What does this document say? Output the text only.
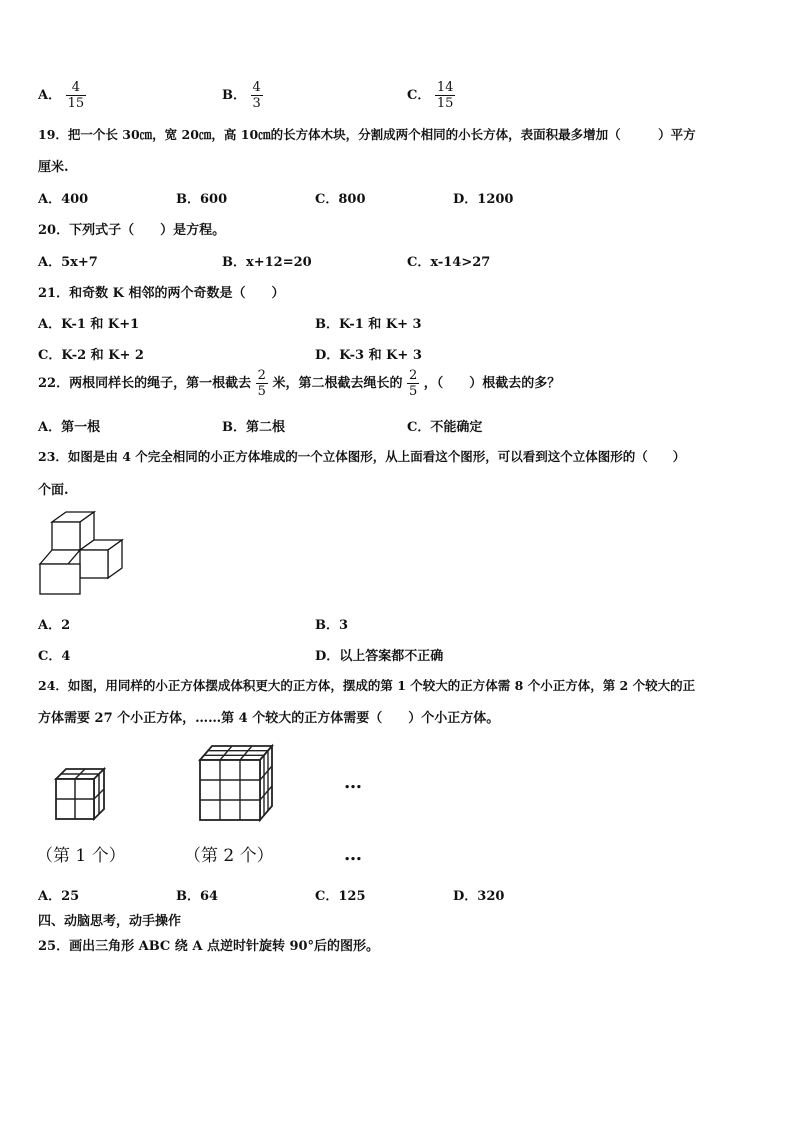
A． $\frac{4}{15}$	B． $\frac{4}{3}$	C． $\frac{14}{15}$
19．把一个长 30㎝，宽 20㎝，高 10㎝的长方体木块，分割成两个相同的小长方体，表面积最多增加（　　　）平方
厘米.
A．400	B．600	C．800	D．1200
20．下列式子（　　）是方程。
A．5x+7	B．x+12=20	C．x-14>27
21．和奇数 K 相邻的两个奇数是（　　）
A．K-1 和 K+1	B．K-1 和 K+ 3
C．K-2 和 K+ 2	D．K-3 和 K+ 3
22．两根同样长的绳子，第一根截去 $\frac{2}{5}$ 米，第二根截去绳长的 $\frac{2}{5}$ ，（　　）根截去的多？
A．第一根	B．第二根	C．不能确定
23．如图是由 4 个完全相同的小正方体堆成的一个立体图形，从上面看这个图形，可以看到这个立体图形的（　　）
个面.
A．2	B．3
C．4	D．以上答案都不正确
24．如图，用同样的小正方体摆成体积更大的正方体，摆成的第 1 个较大的正方体需 8 个小正方体，第 2 个较大的正
方体需要 27 个小正方体，……第 4 个较大的正方体需要（　　）个小正方体。
…
（第 1 个）	（第 2 个）	…
A．25	B．64	C．125	D．320
四、动脑思考，动手操作
25．画出三角形 ABC 绕 A 点逆时针旋转 90°后的图形。
